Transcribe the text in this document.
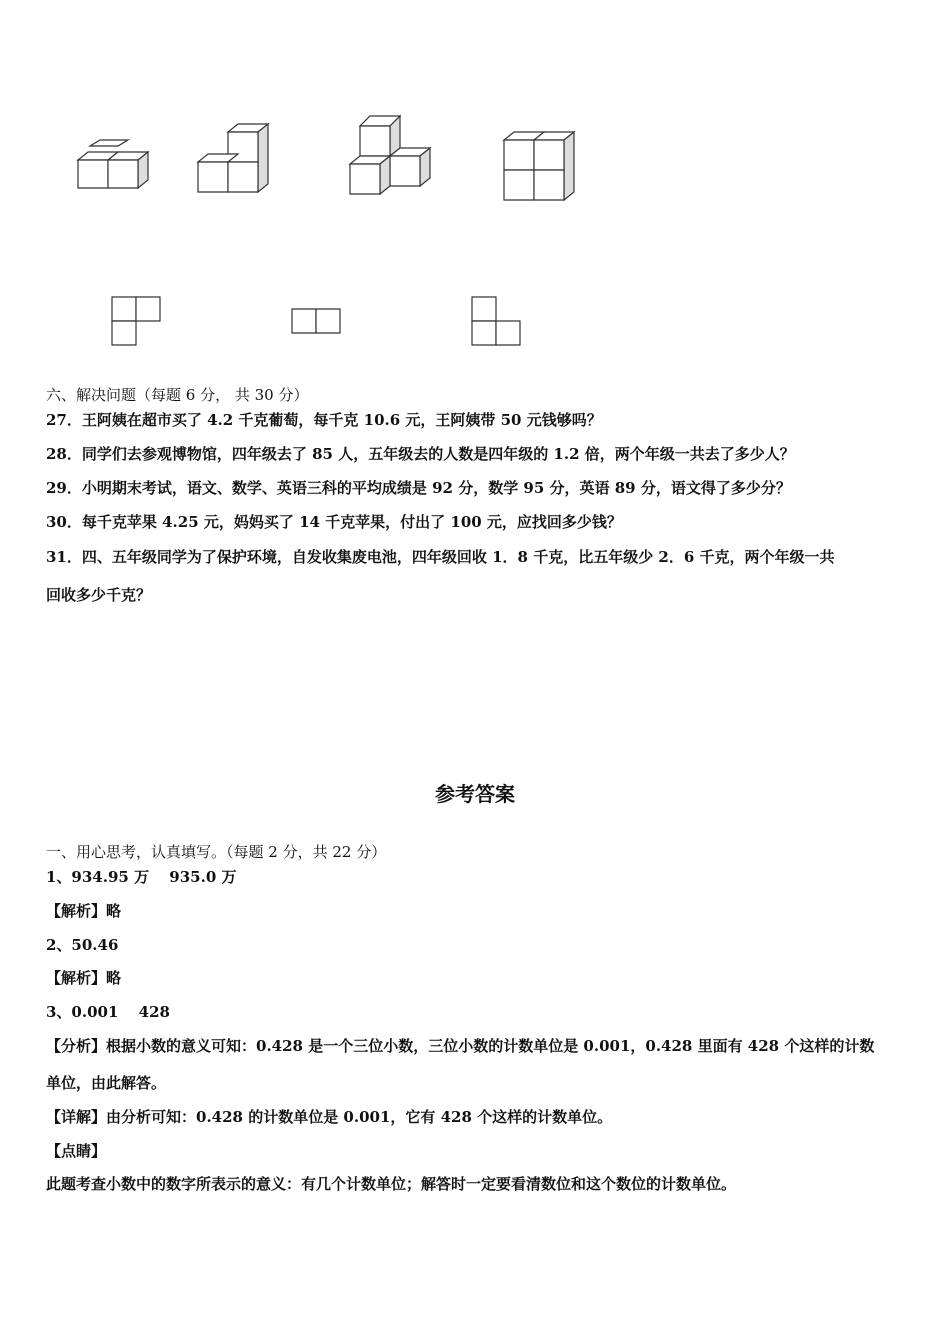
六、解决问题（每题 6 分， 共 30 分）
27．王阿姨在超市买了 4.2 千克葡萄，每千克 10.6 元，王阿姨带 50 元钱够吗？
28．同学们去参观博物馆，四年级去了 85 人，五年级去的人数是四年级的 1.2 倍，两个年级一共去了多少人？
29．小明期末考试，语文、数学、英语三科的平均成绩是 92 分，数学 95 分，英语 89 分，语文得了多少分？
30．每千克苹果 4.25 元，妈妈买了 14 千克苹果，付出了 100 元，应找回多少钱？
31．四、五年级同学为了保护环境，自发收集废电池，四年级回收 1．8 千克，比五年级少 2．6 千克，两个年级一共
回收多少千克？
参考答案
一、用心思考，认真填写。（每题 2 分，共 22 分）
1、934.95 万　 935.0 万
【解析】略
2、50.46
【解析】略
3、0.001　 428
【分析】根据小数的意义可知：0.428 是一个三位小数，三位小数的计数单位是 0.001，0.428 里面有 428 个这样的计数
单位，由此解答。
【详解】由分析可知：0.428 的计数单位是 0.001，它有 428 个这样的计数单位。
【点睛】
此题考查小数中的数字所表示的意义：有几个计数单位；解答时一定要看清数位和这个数位的计数单位。
